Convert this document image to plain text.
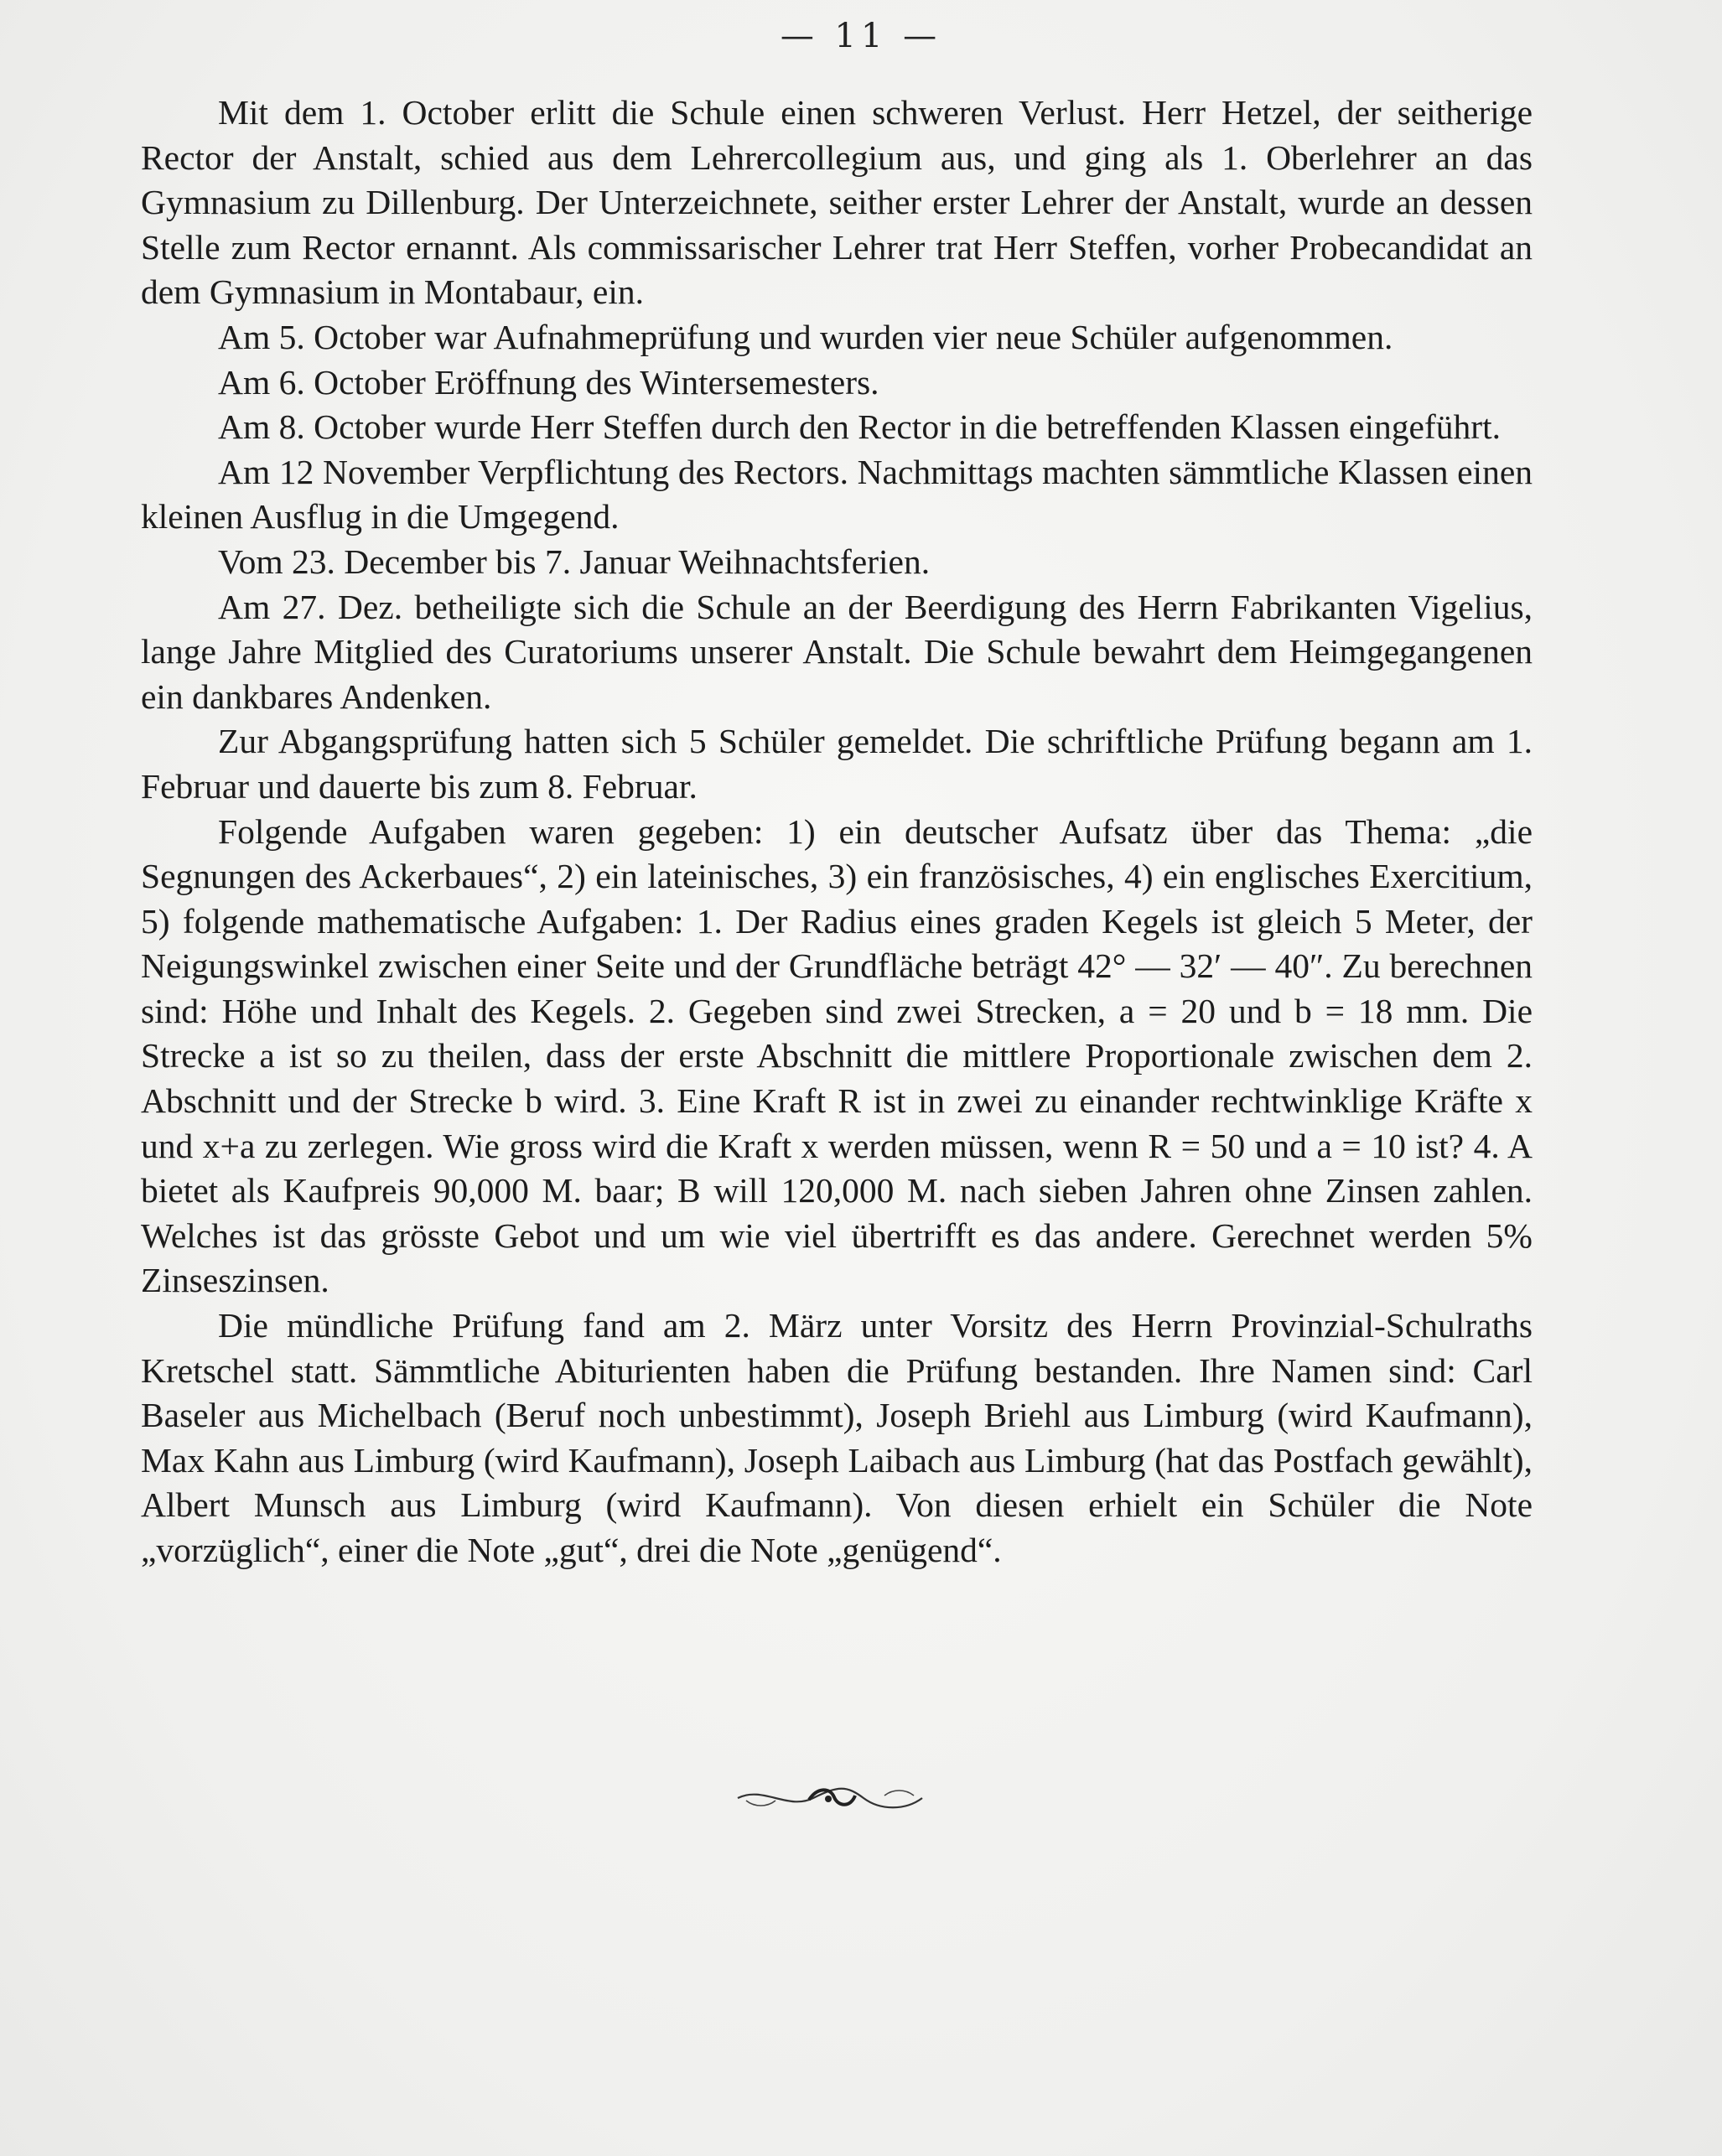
— 11 —

Mit dem 1. October erlitt die Schule einen schweren Verlust. Herr Hetzel, der seitherige Rector der Anstalt, schied aus dem Lehrercollegium aus, und ging als 1. Oberlehrer an das Gymnasium zu Dillenburg. Der Unterzeichnete, seither erster Lehrer der Anstalt, wurde an dessen Stelle zum Rector ernannt. Als commissarischer Lehrer trat Herr Steffen, vorher Probecandidat an dem Gymnasium in Montabaur, ein.

Am 5. October war Aufnahmeprüfung und wurden vier neue Schüler aufgenommen.

Am 6. October Eröffnung des Wintersemesters.

Am 8. October wurde Herr Steffen durch den Rector in die betreffenden Klassen eingeführt.

Am 12 November Verpflichtung des Rectors. Nachmittags machten sämmtliche Klassen einen kleinen Ausflug in die Umgegend.

Vom 23. December bis 7. Januar Weihnachtsferien.

Am 27. Dez. betheiligte sich die Schule an der Beerdigung des Herrn Fabrikanten Vigelius, lange Jahre Mitglied des Curatoriums unserer Anstalt. Die Schule bewahrt dem Heimgegangenen ein dankbares Andenken.

Zur Abgangsprüfung hatten sich 5 Schüler gemeldet. Die schriftliche Prüfung begann am 1. Februar und dauerte bis zum 8. Februar.

Folgende Aufgaben waren gegeben: 1) ein deutscher Aufsatz über das Thema: „die Segnungen des Ackerbaues“, 2) ein lateinisches, 3) ein französisches, 4) ein englisches Exercitium, 5) folgende mathematische Aufgaben: 1. Der Radius eines graden Kegels ist gleich 5 Meter, der Neigungswinkel zwischen einer Seite und der Grundfläche beträgt 42° — 32′ — 40″. Zu berechnen sind: Höhe und Inhalt des Kegels. 2. Gegeben sind zwei Strecken, a = 20 und b = 18 mm. Die Strecke a ist so zu theilen, dass der erste Abschnitt die mittlere Proportionale zwischen dem 2. Abschnitt und der Strecke b wird. 3. Eine Kraft R ist in zwei zu einander rechtwinklige Kräfte x und x+a zu zerlegen. Wie gross wird die Kraft x werden müssen, wenn R = 50 und a = 10 ist? 4. A bietet als Kaufpreis 90,000 M. baar; B will 120,000 M. nach sieben Jahren ohne Zinsen zahlen. Welches ist das grösste Gebot und um wie viel übertrifft es das andere. Gerechnet werden 5% Zinseszinsen.

Die mündliche Prüfung fand am 2. März unter Vorsitz des Herrn Provinzial-Schulraths Kretschel statt. Sämmtliche Abiturienten haben die Prüfung bestanden. Ihre Namen sind: Carl Baseler aus Michelbach (Beruf noch unbestimmt), Joseph Briehl aus Limburg (wird Kaufmann), Max Kahn aus Limburg (wird Kaufmann), Joseph Laibach aus Limburg (hat das Postfach gewählt), Albert Munsch aus Limburg (wird Kaufmann). Von diesen erhielt ein Schüler die Note „vorzüglich“, einer die Note „gut“, drei die Note „genügend“.
